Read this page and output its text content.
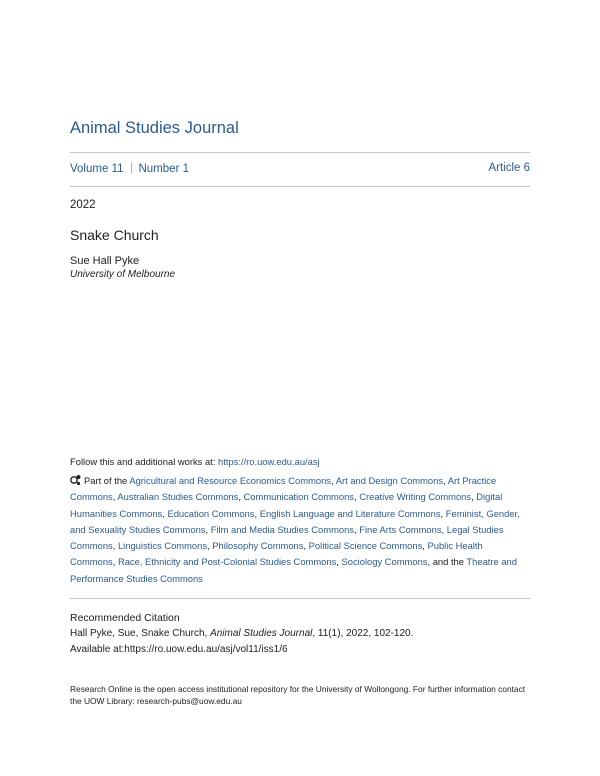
Animal Studies Journal
Volume 11 Number 1	Article 6
2022
Snake Church
Sue Hall Pyke
University of Melbourne
Follow this and additional works at: https://ro.uow.edu.au/asj
Part of the Agricultural and Resource Economics Commons, Art and Design Commons, Art Practice Commons, Australian Studies Commons, Communication Commons, Creative Writing Commons, Digital Humanities Commons, Education Commons, English Language and Literature Commons, Feminist, Gender, and Sexuality Studies Commons, Film and Media Studies Commons, Fine Arts Commons, Legal Studies Commons, Linguistics Commons, Philosophy Commons, Political Science Commons, Public Health Commons, Race, Ethnicity and Post-Colonial Studies Commons, Sociology Commons, and the Theatre and Performance Studies Commons
Recommended Citation
Hall Pyke, Sue, Snake Church, Animal Studies Journal, 11(1), 2022, 102-120.
Available at:https://ro.uow.edu.au/asj/vol11/iss1/6
Research Online is the open access institutional repository for the University of Wollongong. For further information contact the UOW Library: research-pubs@uow.edu.au
